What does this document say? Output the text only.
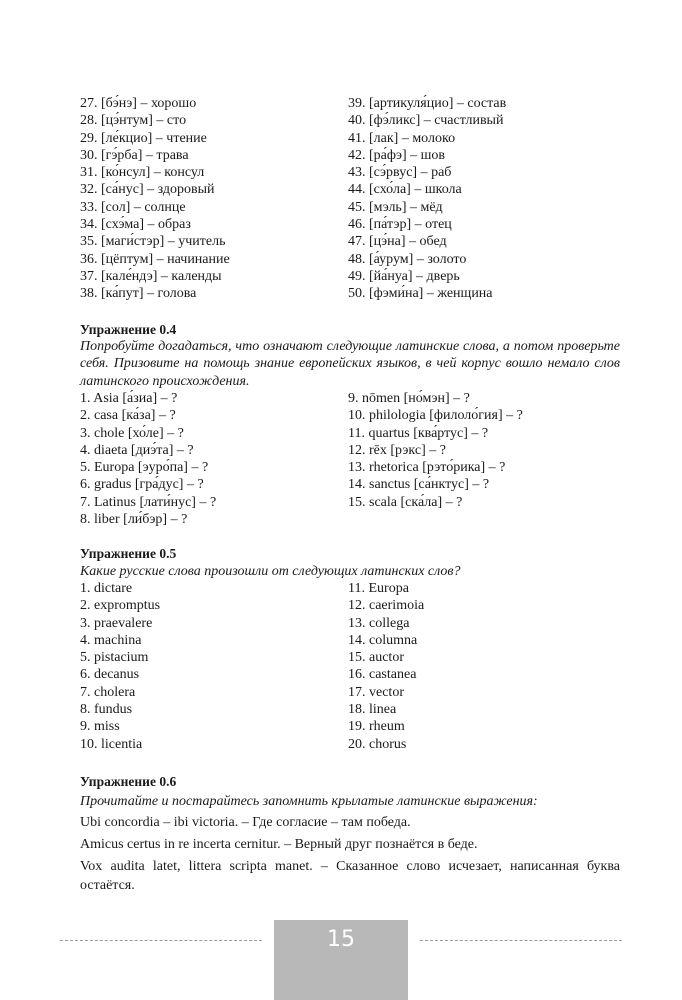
27. [бэ́нэ] – хорошо
28. [цэ́нтум] – сто
29. [ле́кцио] – чтение
30. [гэ́рба] – трава
31. [ко́нсул] – консул
32. [са́нус] – здоровый
33. [сол] – солнце
34. [схэ́ма] – образ
35. [маги́стэр] – учитель
36. [цёптум] – начинание
37. [кале́ндэ] – календы
38. [ка́пут] – голова
39. [артикуля́цио] – состав
40. [фэ́ликс] – счастливый
41. [лак] – молоко
42. [ра́фэ] – шов
43. [сэ́рвус] – раб
44. [схо́ла] – школа
45. [мэль] – мёд
46. [па́тэр] – отец
47. [цэ́на] – обед
48. [а́урум] – золото
49. [йа́нуа] – дверь
50. [фэми́на] – женщина
Упражнение 0.4
Попробуйте догадаться, что означают следующие латинские слова, а потом проверьте себя. Призовите на помощь знание европейских языков, в чей корпус вошло немало слов латинского происхождения.
1. Asia [а́зиа] – ?
2. casa [ка́за] – ?
3. chole [хо́ле] – ?
4. diaeta [диэ́та] – ?
5. Europa [эуро́па] – ?
6. gradus [гра́дус] – ?
7. Latinus [лати́нус] – ?
8. liber [ли́бэр] – ?
9. nōmen [но́мэн] – ?
10. philologia [филоло́гия] – ?
11. quartus [ква́ртус] – ?
12. rēx [рэкс] – ?
13. rhetorica [рэто́рика] – ?
14. sanctus [са́нктус] – ?
15. scala [ска́ла] – ?
Упражнение 0.5
Какие русские слова произошли от следующих латинских слов?
1. dictare
2. expromptus
3. praevalere
4. machina
5. pistacium
6. decanus
7. cholera
8. fundus
9. miss
10. licentia
11. Europa
12. caerimoia
13. collega
14. columna
15. auctor
16. castanea
17. vector
18. linea
19. rheum
20. chorus
Упражнение 0.6
Прочитайте и постарайтесь запомнить крылатые латинские выражения:
Ubi concordia – ibi victoria. – Где согласие – там победа.
Amicus certus in re incerta cernitur. – Верный друг познаётся в беде.
Vox audita latet, littera scripta manet. – Сказанное слово исчезает, написанная буква остаётся.
15
